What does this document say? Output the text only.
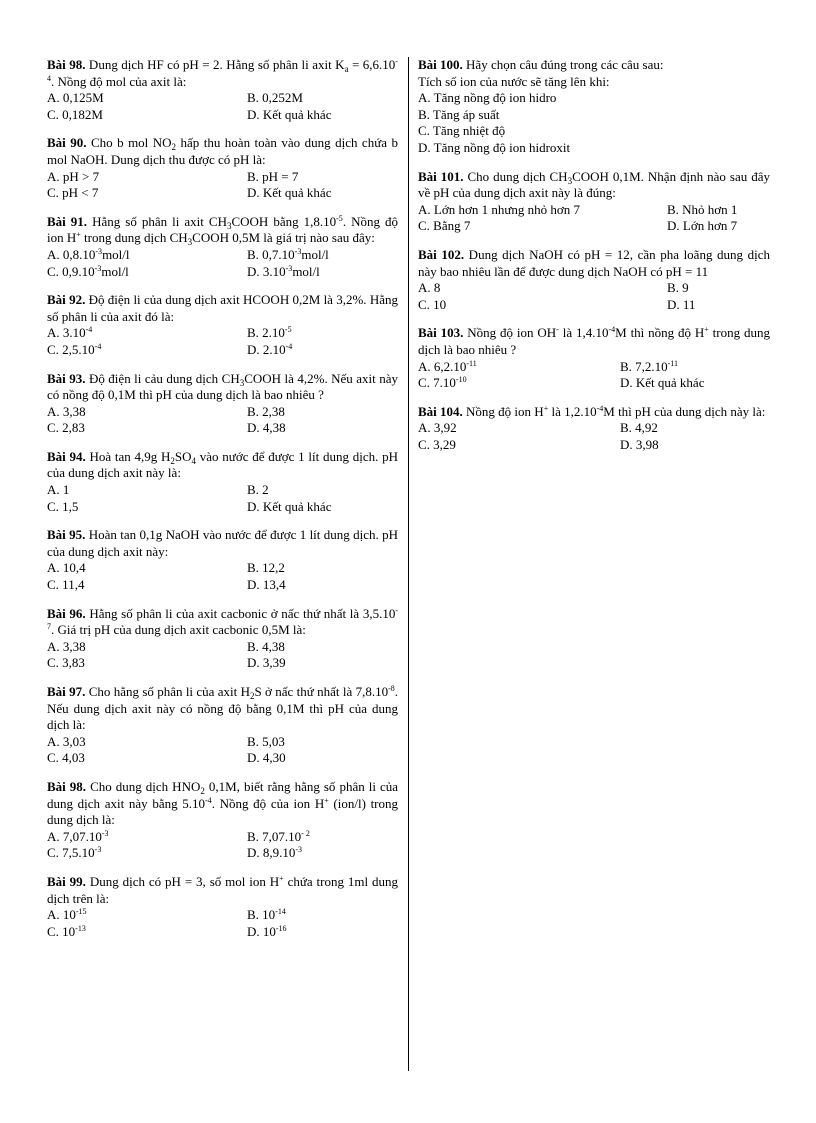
Bài 98. Dung dịch HF có pH = 2. Hằng số phân li axit $K_a = 6,6.10^{-4}$. Nồng độ mol của axit là:
A. 0,125M	B. 0,252M
C. 0,182M	D. Kết quả khác
Bài 90. Cho b mol $NO_2$ hấp thu hoàn toàn vào dung dịch chứa b mol NaOH. Dung dịch thu được có pH là:
A. pH > 7	B. pH = 7
C. pH < 7	D. Kết quả khác
Bài 91. Hằng số phân li axit $CH_3COOH$ bằng $1,8.10^{-5}$. Nồng độ ion H+ trong dung dịch $CH_3COOH$ 0,5M là giá trị nào sau đây:
A. $0,8.10^{-3}mol/l$	B. $0,7.10^{-3}mol/l$
C. $0,9.10^{-3}mol/l$	D. $3.10^{-3}mol/l$
Bài 92. Độ điện li của dung dịch axit HCOOH 0,2M là 3,2%. Hằng số phân li của axit đó là:
A. $3.10^{-4}$	B. $2.10^{-5}$
C. $2,5.10^{-4}$	D. $2.10^{-4}$
Bài 93. Độ điện li cảu dung dịch $CH_3COOH$ là 4,2%. Nếu axit này có nồng độ 0,1M thì pH của dung dịch là bao nhiêu ?
A. 3,38	B. 2,38
C. 2,83	D. 4,38
Bài 94. Hoà tan 4,9g $H_2SO_4$ vào nước để được 1 lít dung dịch. pH của dung dịch axit này là:
A. 1	B. 2
C. 1,5	D. Kết quả khác
Bài 95. Hoàn tan 0,1g NaOH vào nước để được 1 lít dung dịch. pH của dung dịch axit này:
A. 10,4	B. 12,2
C. 11,4	D. 13,4
Bài 96. Hằng số phân li của axit cacbonic ở nấc thứ nhất là $3,5.10^{-7}$. Giá trị pH của dung dịch axit cacbonic 0,5M là:
A. 3,38	B. 4,38
C. 3,83	D. 3,39
Bài 97. Cho hằng số phân li của axit $H_2S$ ở nấc thứ nhất là $7,8.10^{-8}$. Nếu dung dịch axit này có nồng độ bằng 0,1M thì pH của dung dịch là:
A. 3,03	B. 5,03
C. 4,03	D. 4,30
Bài 98. Cho dung dịch $HNO_2$ 0,1M, biết rằng hằng số phân li của dung dịch axit này bằng $5.10^{-4}$. Nồng độ của ion H+ (ion/l) trong dung dịch là:
A. $7,07.10^{-3}$	B. $7,07.10^{- 2}$
C. $7,5.10^{-3}$	D. $8,9.10^{-3}$
Bài 99. Dung dịch có pH = 3, số mol ion H+ chứa trong 1ml dung dịch trên là:
A. $10^{-15}$	B. $10^{-14}$
C. $10^{-13}$	D. $10^{-16}$
Bài 100. Hãy chọn câu đúng trong các câu sau:
Tích số ion của nước sẽ tăng lên khi:
A. Tăng nồng độ ion hidro
B. Tăng áp suất
C. Tăng nhiệt độ
D. Tăng nồng độ ion hidroxit
Bài 101. Cho dung dịch $CH_3COOH$ 0,1M. Nhận định nào sau đây về pH của dung dịch axit này là đúng:
A. Lớn hơn 1 nhưng nhỏ hơn 7	B. Nhỏ hơn 1
C. Bằng 7	D. Lớn hơn 7
Bài 102. Dung dịch NaOH có pH = 12, cần pha loãng dung dịch này bao nhiêu lần để được dung dịch NaOH có pH = 11
A. 8	B. 9
C. 10	D. 11
Bài 103. Nồng độ ion OH- là $1,4.10^{-4}M$ thì nồng độ H+ trong dung dịch là bao nhiêu ?
A. $6,2.10^{-11}$	B. $7,2.10^{-11}$
C. $7.10^{-10}$	D. Kết quả khác
Bài 104. Nồng độ ion H+ là $1,2.10^{-4}M$ thì pH của dung dịch này là:
A. 3,92	B. 4,92
C. 3,29	D. 3,98
